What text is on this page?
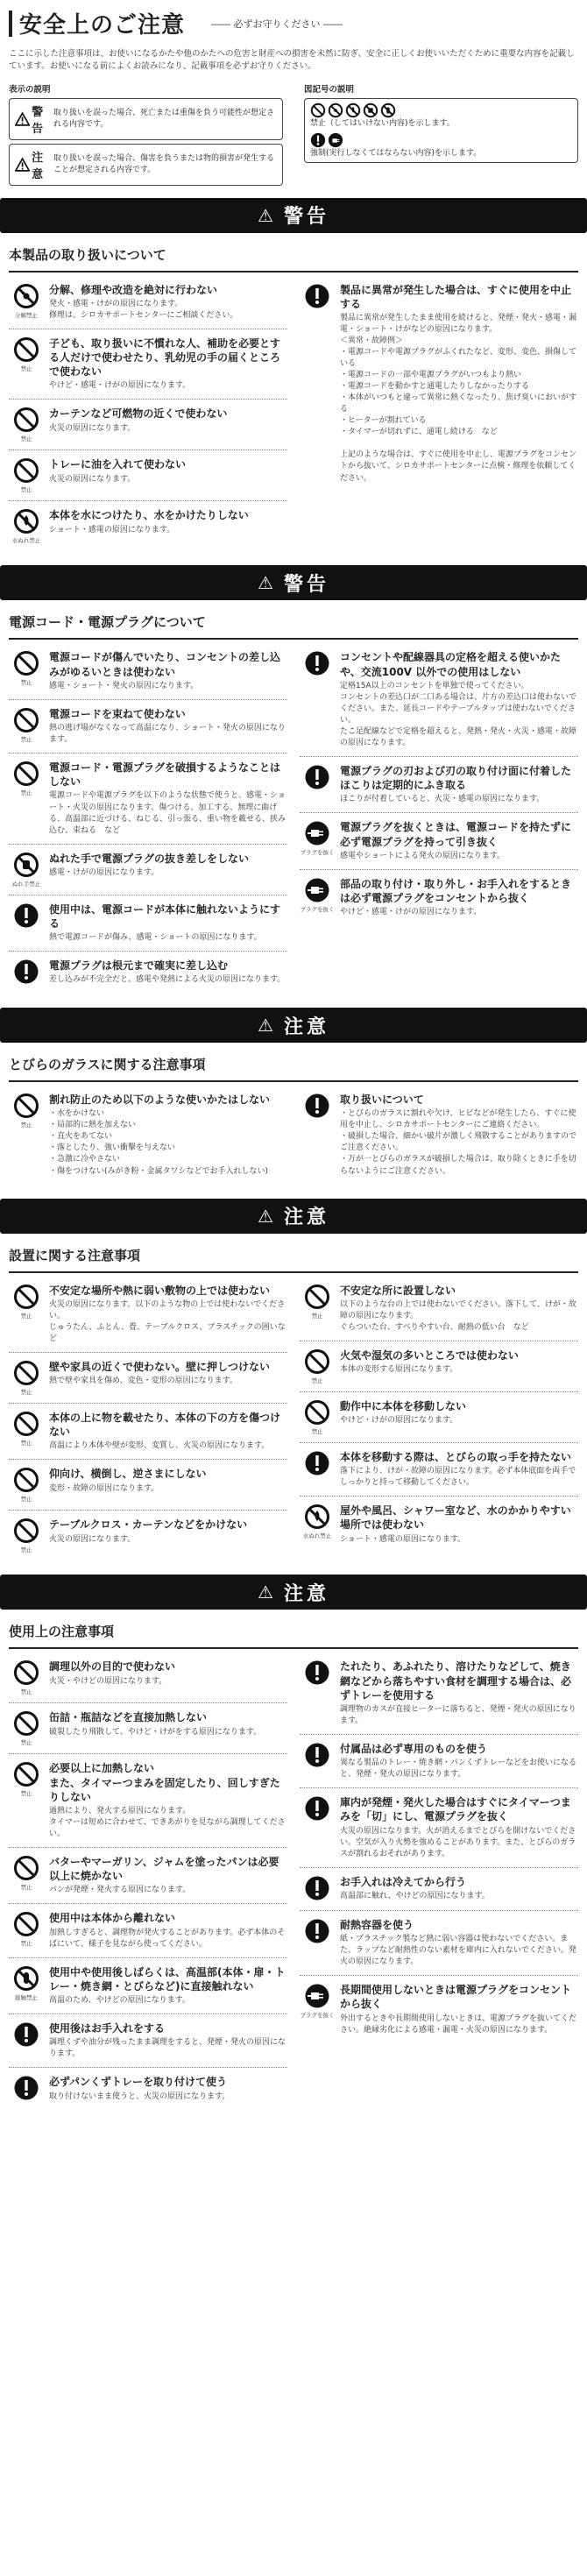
安全上のご注意	―― 必ずお守りください ――
ここに示した注意事項は、お使いになるかたや他のかたへの危害と財産への損害を未然に防ぎ、安全に正しくお使いいただくために重要な内容を記載しています。お使いになる前によくお読みになり、記載事項を必ずお守りください。
表示の説明
警告
取り扱いを誤った場合、死亡または重傷を負う可能性が想定される内容です。
注意
取り扱いを誤った場合、傷害を負うまたは物的損害が発生することが想定される内容です。
図記号の説明
禁止（してはいけない内容)を示します。
強制(実行しなくてはならない内容)を示します。
⚠ 警告
本製品の取り扱いについて
分解禁止
分解、修理や改造を絶対に行わない
発火・感電・けがの原因になります。
修理は、シロカサポートセンターにご相談ください。
禁止
子ども、取り扱いに不慣れな人、補助を必要とする人だけで使わせたり、乳幼児の手の届くところで使わない
やけど・感電・けがの原因になります。
禁止
カーテンなど可燃物の近くで使わない
火災の原因になります。
禁止
トレーに油を入れて使わない
火災の原因になります。
水ぬれ禁止
本体を水につけたり、水をかけたりしない
ショート・感電の原因になります。
製品に異常が発生した場合は、すぐに使用を中止する
製品に異常が発生したまま使用を続けると、発煙・発火・感電・漏電・ショート・けがなどの原因になります。
＜異常・故障例＞
・電源コードや電源プラグがふくれたなど、変形、変色、損傷している
・電源コードの一部や電源プラグがいつもより熱い
・電源コードを動かすと通電したりしなかったりする
・本体がいつもと違って異常に熱くなったり、焦げ臭いにおいがする
・ヒーターが割れている
・タイマーが切れずに、通電し続ける　など

上記のような場合は、すぐに使用を中止し、電源プラグをコンセントから抜いて、シロカサポートセンターに点検・修理を依頼してください。
⚠ 警告
電源コード・電源プラグについて
禁止
電源コードが傷んでいたり、コンセントの差し込みがゆるいときは使わない
感電・ショート・発火の原因になります。
禁止
電源コードを束ねて使わない
熱の逃げ場がなくなって高温になり、ショート・発火の原因になります。
禁止
電源コード・電源プラグを破損するようなことはしない
電源コードや電源プラグを以下のような状態で使うと、感電・ショート・火災の原因になります。傷つける、加工する、無理に曲げる、高温部に近づける、ねじる、引っ張る、重い物を載せる、挟み込む、束ねる　など
ぬれ手禁止
ぬれた手で電源プラグの抜き差しをしない
感電・けがの原因になります。
使用中は、電源コードが本体に触れないようにする
熱で電源コードが傷み、感電・ショートの原因になります。
電源プラグは根元まで確実に差し込む
差し込みが不完全だと、感電や発熱による火災の原因になります。
コンセントや配線器具の定格を超える使いかたや、交流100V 以外での使用はしない
定格15A以上のコンセントを単独で使ってください。
コンセントの差込口が二口ある場合は、片方の差込口は使わないでください。また、延長コードやテーブルタップは使わないでください。
たこ足配線などで定格を超えると、発熱・発火・火災・感電・故障の原因になります。
電源プラグの刃および刃の取り付け面に付着したほこりは定期的にふき取る
ほこりが付着していると、火災・感電の原因になります。
プラグを抜く
電源プラグを抜くときは、電源コードを持たずに必ず電源プラグを持って引き抜く
感電やショートによる発火の原因になります。
プラグを抜く
部品の取り付け・取り外し・お手入れをするときは必ず電源プラグをコンセントから抜く
やけど・感電・けがの原因になります。
⚠ 注意
とびらのガラスに関する注意事項
禁止
割れ防止のため以下のような使いかたはしない
・水をかけない
・局部的に熱を加えない
・直火をあてない
・落としたり、強い衝撃を与えない
・急激に冷やさない
・傷をつけない(みがき粉・金属タワシなどでお手入れしない)
取り扱いについて
・とびらのガラスに割れや欠け、ヒビなどが発生したら、すぐに使用を中止し、シロカサポートセンターにご連絡ください。
・破損した場合、細かい破片が激しく飛散することがありますのでご注意ください。
・万が一とびらのガラスが破損した場合は、取り除くときに手を切らないようにご注意ください。
⚠ 注意
設置に関する注意事項
禁止
不安定な場所や熱に弱い敷物の上では使わない
火災の原因になります。以下のような物の上では使わないでください。
じゅうたん、ふとん、畳、テーブルクロス、プラスチックの囲いなど
禁止
壁や家具の近くで使わない。壁に押しつけない
熱で壁や家具を傷め、変色・変形の原因になります。
禁止
本体の上に物を載せたり、本体の下の方を傷つけない
高温により本体や壁が変形、変質し、火災の原因になります。
禁止
仰向け、横倒し、逆さまにしない
変形・故障の原因になります。
禁止
テーブルクロス・カーテンなどをかけない
火災の原因になります。
禁止
不安定な所に設置しない
以下のような台の上では使わないでください。落下して、けが・故障の原因になります。
ぐらついた台、すべりやすい台、耐熱の低い台　など
禁止
火気や湿気の多いところでは使わない
本体の変形する原因になります。
禁止
動作中に本体を移動しない
やけど・けがの原因になります。
本体を移動する際は、とびらの取っ手を持たない
落下により、けが・故障の原因になります。必ず本体底面を両手でしっかりと持って移動してください。
水ぬれ禁止
屋外や風呂、シャワー室など、水のかかりやすい場所では使わない
ショート・感電の原因になります。
⚠ 注意
使用上の注意事項
禁止
調理以外の目的で使わない
火災・やけどの原因になります。
禁止
缶詰・瓶詰などを直接加熱しない
破裂したり飛散して、やけど・けがをする原因になります。
禁止
必要以上に加熱しない
また、タイマーつまみを固定したり、回しすぎたりしない
過熱により、発火する原因になります。
タイマーは短めに合わせて、できあがりを見ながら調理してください。
禁止
バターやマーガリン、ジャムを塗ったパンは必要以上に焼かない
パンが発煙・発火する原因になります。
禁止
使用中は本体から離れない
加熱しすぎると、調理物が発火することがあります。必ず本体のそばにいて、様子を見ながら使ってください。
接触禁止
使用中や使用後しばらくは、高温部(本体・扉・トレー・焼き網・とびらなど)に直接触れない
高温のため、やけどの原因になります。
使用後はお手入れをする
調理くずや油分が残ったまま調理をすると、発煙・発火の原因になります。
必ずパンくずトレーを取り付けて使う
取り付けないまま使うと、火災の原因になります。
たれたり、あふれたり、溶けたりなどして、焼き網などから落ちやすい食材を調理する場合は、必ずトレーを使用する
調理物のカスが直接ヒーターに落ちると、発煙・発火の原因になります。
付属品は必ず専用のものを使う
異なる製品のトレー・焼き網・パンくずトレーなどをお使いになると、発煙・発火の原因になります。
庫内が発煙・発火した場合はすぐにタイマーつまみを「切」にし、電源プラグを抜く
火災の原因になります。火が消えるまでとびらを開けないでください。空気が入り火勢を強めることがあります。また、とびらのガラスが割れるおそれがあります。
お手入れは冷えてから行う
高温部に触れ、やけどの原因になります。
耐熱容器を使う
紙・プラスチック製など熱に弱い容器は使わないでください。また、ラップなど耐熱性のない素材を庫内に入れないでください。発火の原因になります。
プラグを抜く
長期間使用しないときは電源プラグをコンセントから抜く
外出するときや長期間使用しないときは、電源プラグを抜いてください。絶縁劣化による感電・漏電・火災の原因になります。
